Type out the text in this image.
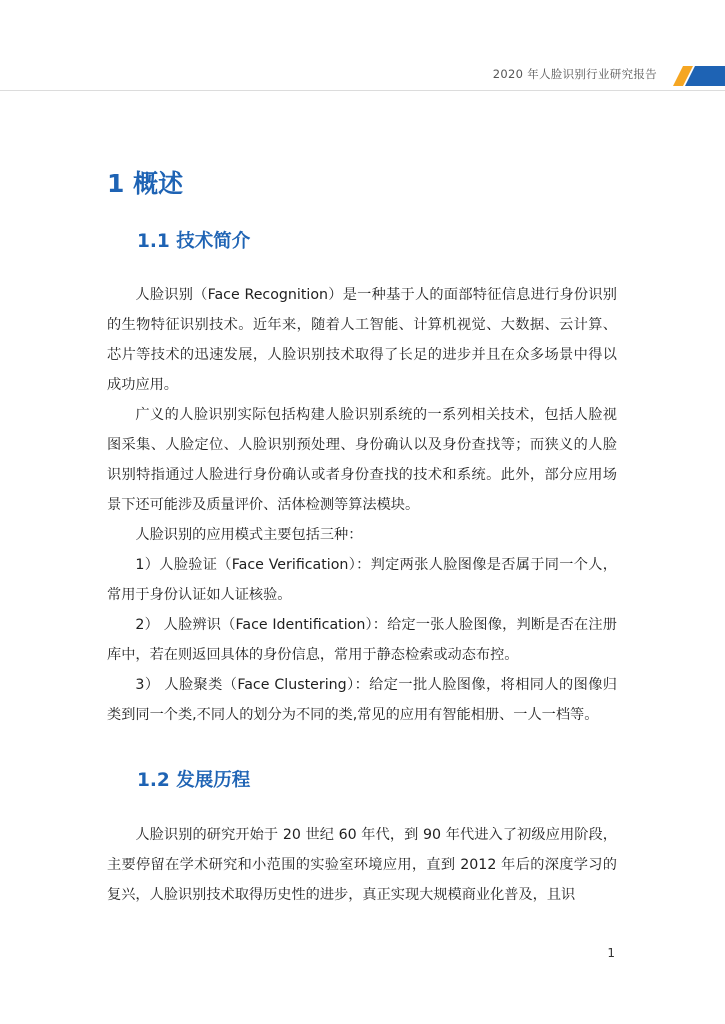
2020 年人脸识别行业研究报告
1 概述
1.1 技术简介

人脸识别（Face Recognition）是一种基于人的面部特征信息进行身份识别的生物特征识别技术。近年来，随着人工智能、计算机视觉、大数据、云计算、芯片等技术的迅速发展，人脸识别技术取得了长足的进步并且在众多场景中得以成功应用。

广义的人脸识别实际包括构建人脸识别系统的一系列相关技术，包括人脸视图采集、人脸定位、人脸识别预处理、身份确认以及身份查找等；而狭义的人脸识别特指通过人脸进行身份确认或者身份查找的技术和系统。此外，部分应用场景下还可能涉及质量评价、活体检测等算法模块。

人脸识别的应用模式主要包括三种：

1）人脸验证（Face Verification）：判定两张人脸图像是否属于同一个人，常用于身份认证如人证核验。

2） 人脸辨识（Face Identification）：给定一张人脸图像，判断是否在注册库中，若在则返回具体的身份信息，常用于静态检索或动态布控。

3） 人脸聚类（Face Clustering）：给定一批人脸图像，将相同人的图像归类到同一个类,不同人的划分为不同的类,常见的应用有智能相册、一人一档等。

1.2 发展历程

人脸识别的研究开始于 20 世纪 60 年代，到 90 年代进入了初级应用阶段，主要停留在学术研究和小范围的实验室环境应用，直到 2012 年后的深度学习的复兴，人脸识别技术取得历史性的进步，真正实现大规模商业化普及，且识

1
